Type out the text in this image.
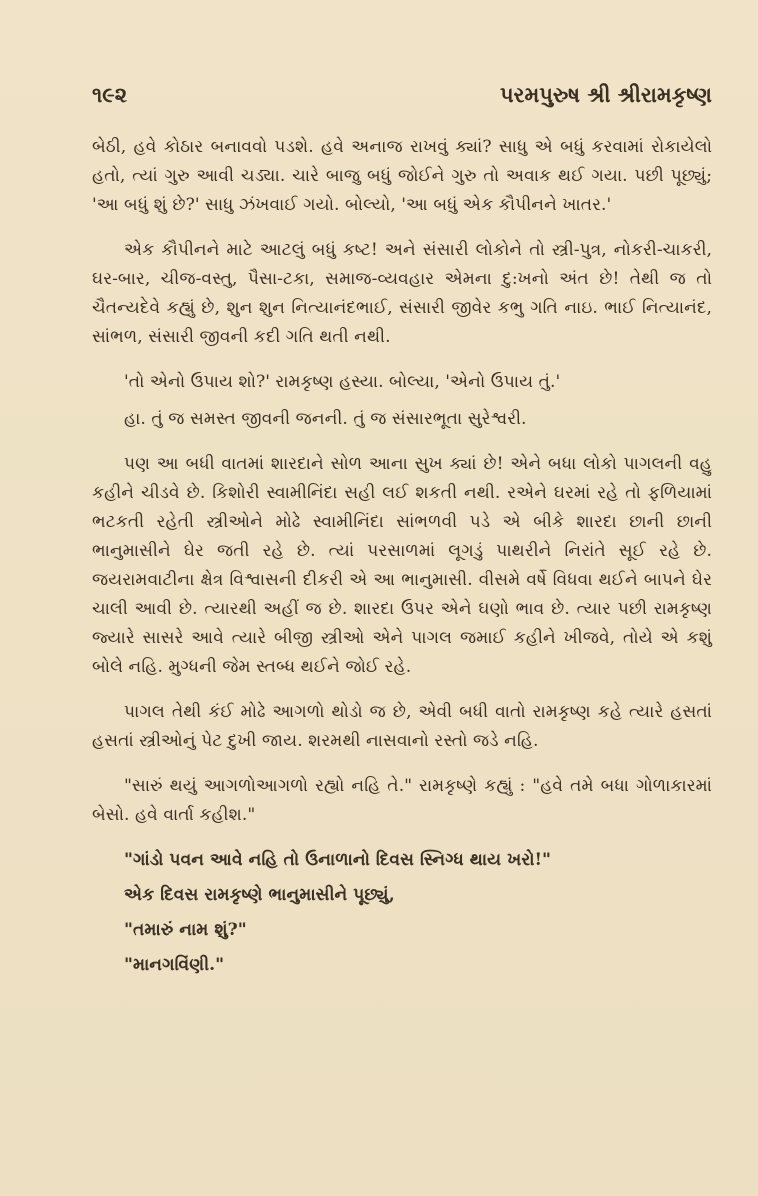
૧૯૨	પરમપુરુષ શ્રી શ્રીરામકૃષ્ણ

બેઠી, હવે કોઠાર બનાવવો પડશે. હવે અનાજ રાખવું ક્યાં? સાધુ એ બધું કરવામાં રોકાયેલો હતો, ત્યાં ગુરુ આવી ચડ્યા. ચારે બાજુ બધું જોઈને ગુરુ તો અવાક થઈ ગયા. પછી પૂછ્યું; 'આ બધું શું છે?' સાધુ ઝંખવાઈ ગયો. બોલ્યો, 'આ બધું એક કૌપીનને ખાતર.'

એક કૌપીનને માટે આટલું બધું કષ્ટ! અને સંસારી લોકોને તો સ્ત્રી-પુત્ર, નોકરી-ચાકરી, ઘર-બાર, ચીજ-વસ્તુ, પૈસા-ટકા, સમાજ-વ્યવહાર એમના દુ:ખનો અંત છે! તેથી જ તો ચૈતન્યદેવે કહ્યું છે, શુન શુન નિત્યાનંદભાઈ, સંસારી જીવેર કભુ ગતિ નાઇ. ભાઈ નિત્યાનંદ, સાંભળ, સંસારી જીવની કદી ગતિ થતી નથી.

'તો એનો ઉપાય શો?' રામકૃષ્ણ હસ્યા. બોલ્યા, 'એનો ઉપાય તું.'

હા. તું જ સમસ્ત જીવની જનની. તું જ સંસારભૂતા સુરેશ્વરી.

પણ આ બધી વાતમાં શારદાને સોળ આના સુખ ક્યાં છે! એને બધા લોકો પાગલની વહુ કહીને ચીડવે છે. કિશોરી સ્વામીનિંદા સહી લઈ શકતી નથી. રએને ઘરમાં રહે તો ફળિયામાં ભટકતી રહેતી સ્ત્રીઓને મોઢે સ્વામીનિંદા સાંભળવી પડે એ બીકે શારદા છાની છાની ભાનુમાસીને ઘેર જતી રહે છે. ત્યાં પરસાળમાં લૂગડું પાથરીને નિરાંતે સૂઈ રહે છે. જયરામવાટીના ક્ષેત્ર વિશ્વાસની દીકરી એ આ ભાનુમાસી. વીસમે વર્ષે વિધવા થઈને બાપને ઘેર ચાલી આવી છે. ત્યારથી અહીં જ છે. શારદા ઉપર એને ઘણો ભાવ છે. ત્યાર પછી રામકૃષ્ણ જ્યારે સાસરે આવે ત્યારે બીજી સ્ત્રીઓ એને પાગલ જમાઈ કહીને ખીજવે, તોયે એ કશું બોલે નહિ. મુગ્ધની જેમ સ્તબ્ધ થઈને જોઈ રહે.

પાગલ તેથી કંઈ મોઢે આગળો થોડો જ છે, એવી બધી વાતો રામકૃષ્ણ કહે ત્યારે હસતાં હસતાં સ્ત્રીઓનું પેટ દુખી જાય. શરમથી નાસવાનો રસ્તો જડે નહિ.

"સારું થયું આગળોઆગળો રહ્યો નહિ તે." રામકૃષ્ણે કહ્યું : "હવે તમે બધા ગોળાકારમાં બેસો. હવે વાર્તા કહીશ."

"ગાંડો પવન આવે નહિ તો ઉનાળાનો દિવસ સ્નિગ્ધ થાય ખરો!"

એક દિવસ રામકૃષ્ણે ભાનુમાસીને પૂછ્યું,

"તમારું નામ શું?"

"માનગવિંણી."
